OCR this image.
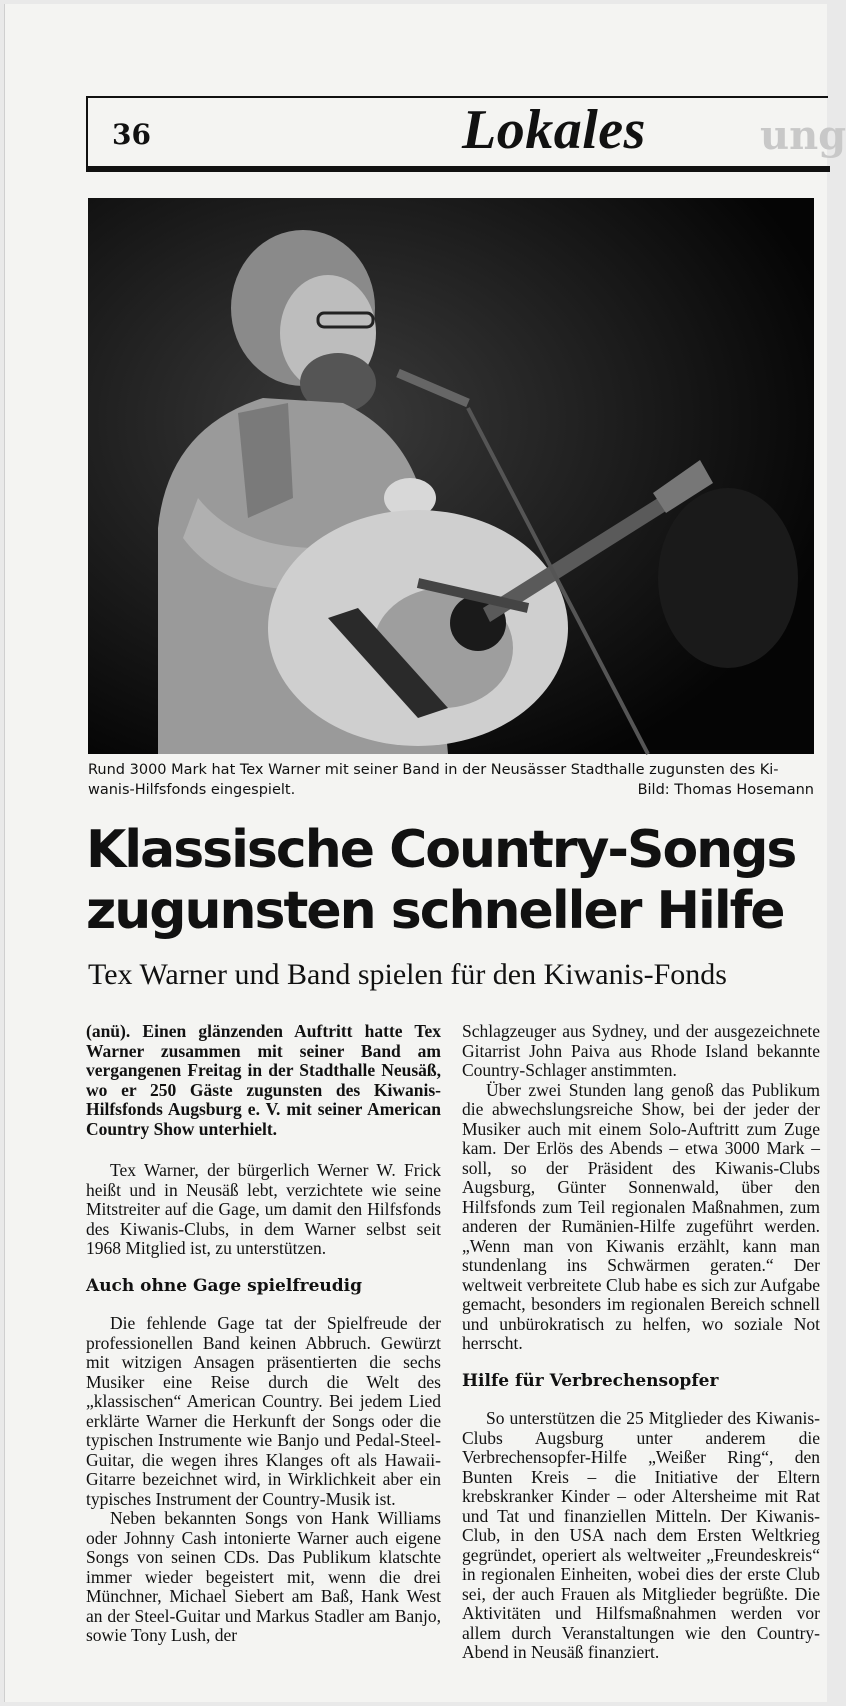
36	Lokales	ung
Rund 3000 Mark hat Tex Warner mit seiner Band in der Neusässer Stadthalle zugunsten des Ki-wanis-Hilfsfonds eingespielt.	Bild: Thomas Hosemann
Klassische Country-Songs zugunsten schneller Hilfe
Tex Warner und Band spielen für den Kiwanis-Fonds

(anü). Einen glänzenden Auftritt hatte Tex Warner zusammen mit seiner Band am vergangenen Freitag in der Stadthalle Neusäß, wo er 250 Gäste zugunsten des Kiwanis-Hilfsfonds Augsburg e. V. mit seiner American Country Show unterhielt.

Tex Warner, der bürgerlich Werner W. Frick heißt und in Neusäß lebt, verzichtete wie seine Mitstreiter auf die Gage, um damit den Hilfsfonds des Kiwanis-Clubs, in dem Warner selbst seit 1968 Mitglied ist, zu unterstützen.

Auch ohne Gage spielfreudig

Die fehlende Gage tat der Spielfreude der professionellen Band keinen Abbruch. Gewürzt mit witzigen Ansagen präsentierten die sechs Musiker eine Reise durch die Welt des „klassischen“ American Country. Bei jedem Lied erklärte Warner die Herkunft der Songs oder die typischen Instrumente wie Banjo und Pedal-Steel-Guitar, die wegen ihres Klanges oft als Hawaii-Gitarre bezeichnet wird, in Wirklichkeit aber ein typisches Instrument der Country-Musik ist.

Neben bekannten Songs von Hank Williams oder Johnny Cash intonierte Warner auch eigene Songs von seinen CDs. Das Publikum klatschte immer wieder begeistert mit, wenn die drei Münchner, Michael Siebert am Baß, Hank West an der Steel-Guitar und Markus Stadler am Banjo, sowie Tony Lush, der

Schlagzeuger aus Sydney, und der ausgezeichnete Gitarrist John Paiva aus Rhode Island bekannte Country-Schlager anstimmten.

Über zwei Stunden lang genoß das Publikum die abwechslungsreiche Show, bei der jeder der Musiker auch mit einem Solo-Auftritt zum Zuge kam. Der Erlös des Abends – etwa 3000 Mark – soll, so der Präsident des Kiwanis-Clubs Augsburg, Günter Sonnenwald, über den Hilfsfonds zum Teil regionalen Maßnahmen, zum anderen der Rumänien-Hilfe zugeführt werden. „Wenn man von Kiwanis erzählt, kann man stundenlang ins Schwärmen geraten.“ Der weltweit verbreitete Club habe es sich zur Aufgabe gemacht, besonders im regionalen Bereich schnell und unbürokratisch zu helfen, wo soziale Not herrscht.

Hilfe für Verbrechensopfer

So unterstützen die 25 Mitglieder des Kiwanis-Clubs Augsburg unter anderem die Verbrechensopfer-Hilfe „Weißer Ring“, den Bunten Kreis – die Initiative der Eltern krebskranker Kinder – oder Altersheime mit Rat und Tat und finanziellen Mitteln. Der Kiwanis-Club, in den USA nach dem Ersten Weltkrieg gegründet, operiert als weltweiter „Freundeskreis“ in regionalen Einheiten, wobei dies der erste Club sei, der auch Frauen als Mitglieder begrüßte. Die Aktivitäten und Hilfsmaßnahmen werden vor allem durch Veranstaltungen wie den Country-Abend in Neusäß finanziert.
